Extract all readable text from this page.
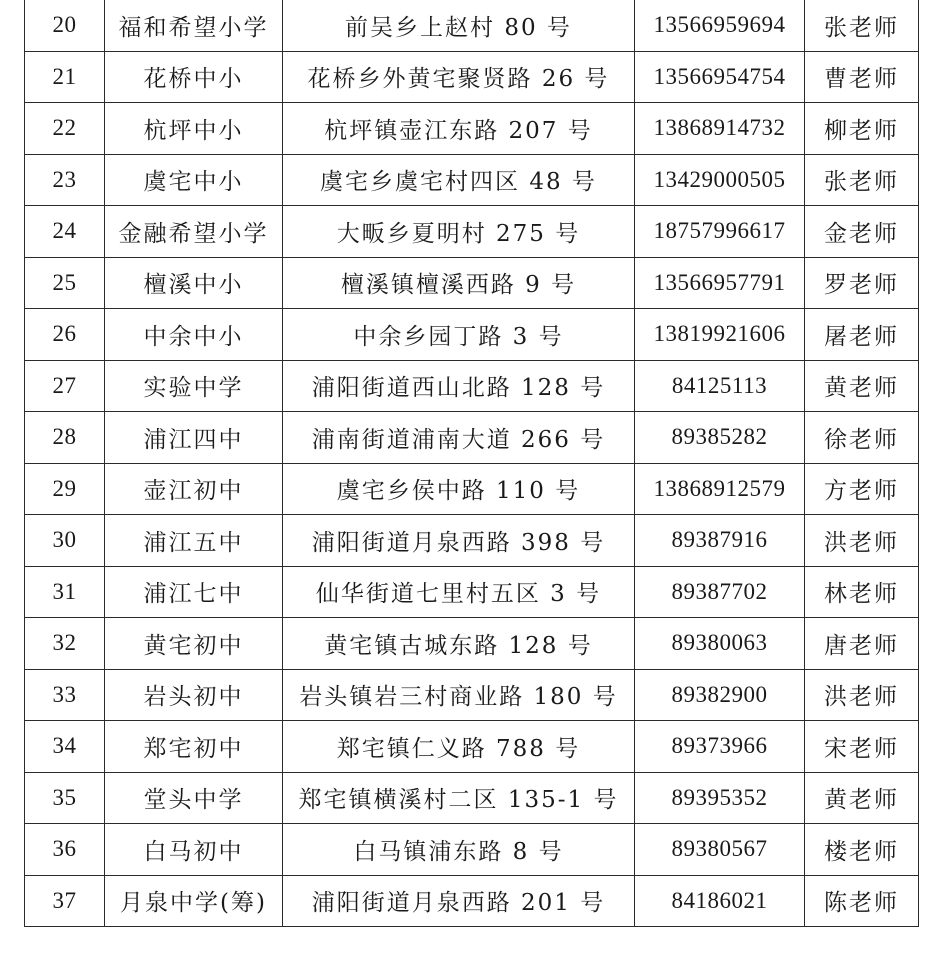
20	福和希望小学	前吴乡上赵村 80 号	13566959694	张老师
21	花桥中小	花桥乡外黄宅聚贤路 26 号	13566954754	曹老师
22	杭坪中小	杭坪镇壶江东路 207 号	13868914732	柳老师
23	虞宅中小	虞宅乡虞宅村四区 48 号	13429000505	张老师
24	金融希望小学	大畈乡夏明村 275 号	18757996617	金老师
25	檀溪中小	檀溪镇檀溪西路 9 号	13566957791	罗老师
26	中余中小	中余乡园丁路 3 号	13819921606	屠老师
27	实验中学	浦阳街道西山北路 128 号	84125113	黄老师
28	浦江四中	浦南街道浦南大道 266 号	89385282	徐老师
29	壶江初中	虞宅乡侯中路 110 号	13868912579	方老师
30	浦江五中	浦阳街道月泉西路 398 号	89387916	洪老师
31	浦江七中	仙华街道七里村五区 3 号	89387702	林老师
32	黄宅初中	黄宅镇古城东路 128 号	89380063	唐老师
33	岩头初中	岩头镇岩三村商业路 180 号	89382900	洪老师
34	郑宅初中	郑宅镇仁义路 788 号	89373966	宋老师
35	堂头中学	郑宅镇横溪村二区 135-1 号	89395352	黄老师
36	白马初中	白马镇浦东路 8 号	89380567	楼老师
37	月泉中学(筹)	浦阳街道月泉西路 201 号	84186021	陈老师
